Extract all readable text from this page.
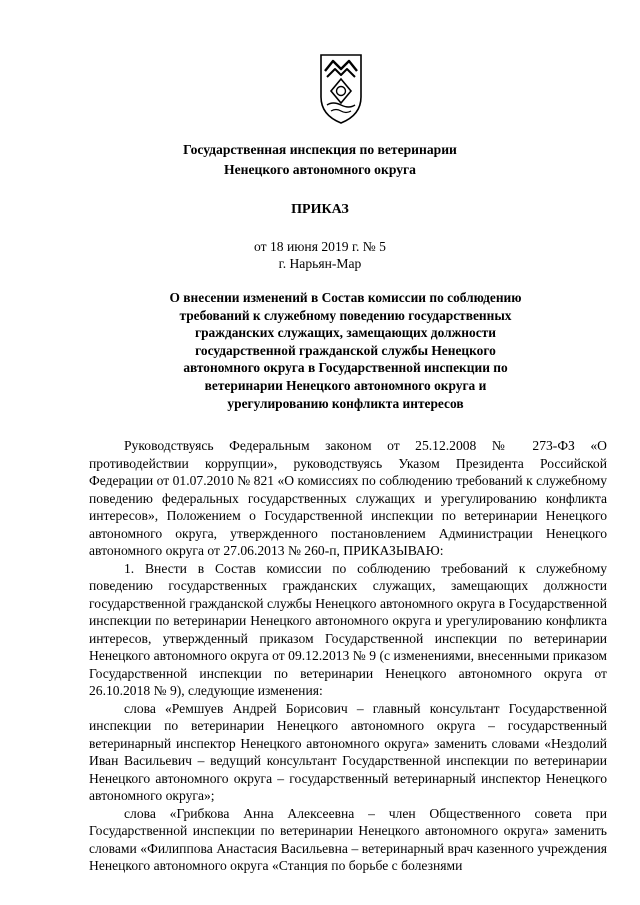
Государственная инспекция по ветеринарии
Ненецкого автономного округа
ПРИКАЗ
от 18 июня 2019 г. № 5
г. Нарьян-Мар
О внесении изменений в Состав комиссии по соблюдению
требований к служебному поведению государственных
гражданских служащих, замещающих должности
государственной гражданской службы Ненецкого
автономного округа в Государственной инспекции по
ветеринарии Ненецкого автономного округа и
урегулированию конфликта интересов

Руководствуясь Федеральным законом от 25.12.2008 № 273-ФЗ «О противодействии коррупции», руководствуясь Указом Президента Российской Федерации от 01.07.2010 № 821 «О комиссиях по соблюдению требований к служебному поведению федеральных государственных служащих и урегулированию конфликта интересов», Положением о Государственной инспекции по ветеринарии Ненецкого автономного округа, утвержденного постановлением Администрации Ненецкого автономного округа от 27.06.2013 № 260-п, ПРИКАЗЫВАЮ:

1. Внести в Состав комиссии по соблюдению требований к служебному поведению государственных гражданских служащих, замещающих должности государственной гражданской службы Ненецкого автономного округа в Государственной инспекции по ветеринарии Ненецкого автономного округа и урегулированию конфликта интересов, утвержденный приказом Государственной инспекции по ветеринарии Ненецкого автономного округа от 09.12.2013 № 9 (с изменениями, внесенными приказом Государственной инспекции по ветеринарии Ненецкого автономного округа от 26.10.2018 № 9), следующие изменения:

слова «Ремшуев Андрей Борисович – главный консультант Государственной инспекции по ветеринарии Ненецкого автономного округа – государственный ветеринарный инспектор Ненецкого автономного округа» заменить словами «Нездолий Иван Васильевич – ведущий консультант Государственной инспекции по ветеринарии Ненецкого автономного округа – государственный ветеринарный инспектор Ненецкого автономного округа»;

слова «Грибкова Анна Алексеевна – член Общественного совета при Государственной инспекции по ветеринарии Ненецкого автономного округа» заменить словами «Филиппова Анастасия Васильевна – ветеринарный врач казенного учреждения Ненецкого автономного округа «Станция по борьбе с болезнями
